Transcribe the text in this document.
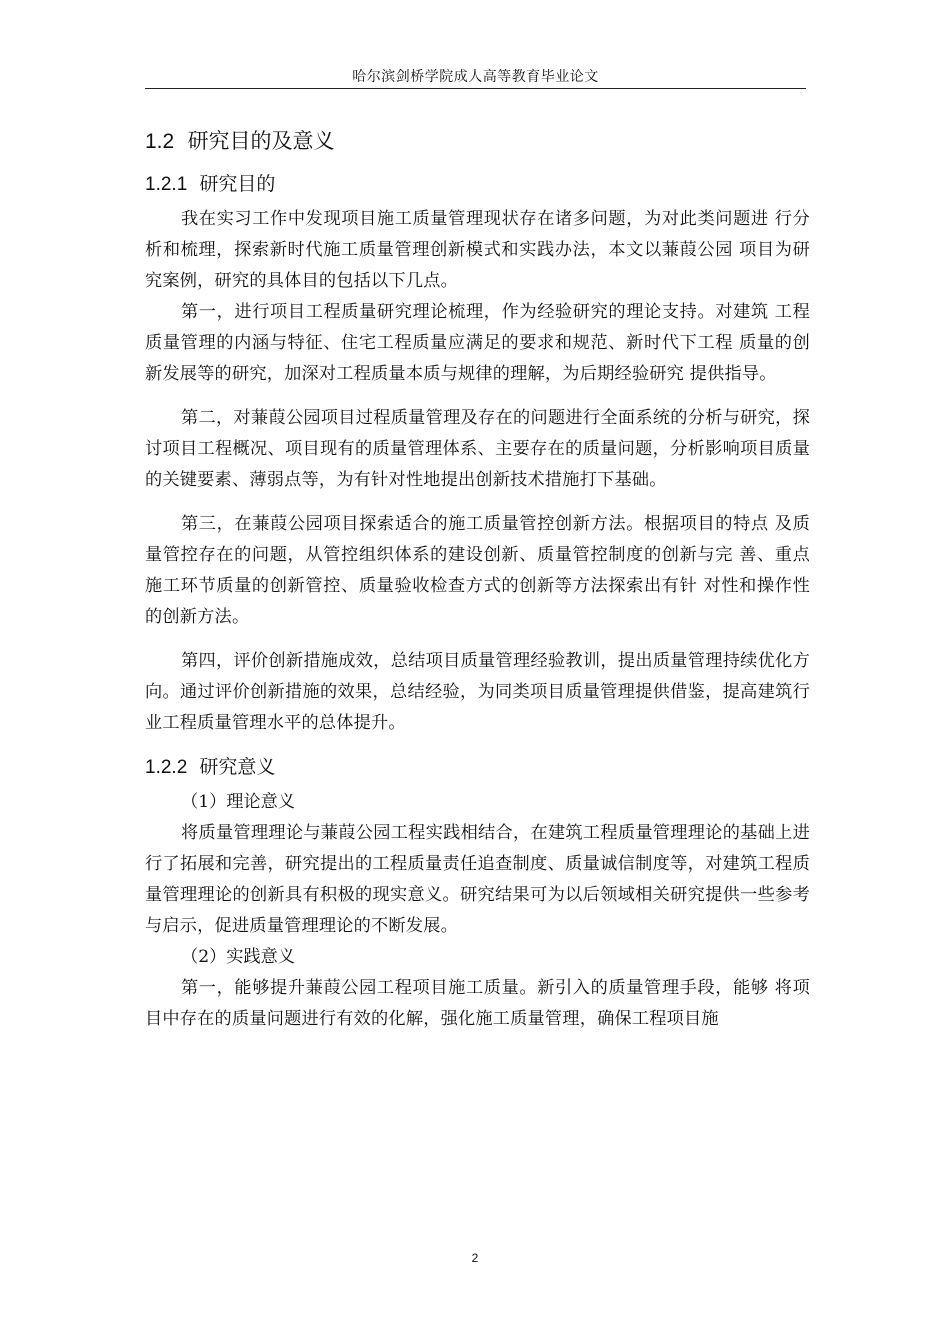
哈尔滨剑桥学院成人高等教育毕业论文
1.2 研究目的及意义
1.2.1 研究目的

我在实习工作中发现项目施工质量管理现状存在诸多问题，为对此类问题进 行分析和梳理，探索新时代施工质量管理创新模式和实践办法，本文以蒹葭公园 项目为研究案例，研究的具体目的包括以下几点。

第一，进行项目工程质量研究理论梳理，作为经验研究的理论支持。对建筑 工程质量管理的内涵与特征、住宅工程质量应满足的要求和规范、新时代下工程 质量的创新发展等的研究，加深对工程质量本质与规律的理解，为后期经验研究 提供指导。

第二，对蒹葭公园项目过程质量管理及存在的问题进行全面系统的分析与研究，探讨项目工程概况、项目现有的质量管理体系、主要存在的质量问题，分析影响项目质量的关键要素、薄弱点等，为有针对性地提出创新技术措施打下基础。

第三，在蒹葭公园项目探索适合的施工质量管控创新方法。根据项目的特点 及质量管控存在的问题，从管控组织体系的建设创新、质量管控制度的创新与完 善、重点施工环节质量的创新管控、质量验收检查方式的创新等方法探索出有针 对性和操作性的创新方法。

第四，评价创新措施成效，总结项目质量管理经验教训，提出质量管理持续优化方向。通过评价创新措施的效果，总结经验，为同类项目质量管理提供借鉴，提高建筑行业工程质量管理水平的总体提升。

1.2.2 研究意义

（1）理论意义

将质量管理理论与蒹葭公园工程实践相结合，在建筑工程质量管理理论的基础上进行了拓展和完善，研究提出的工程质量责任追查制度、质量诚信制度等，对建筑工程质量管理理论的创新具有积极的现实意义。研究结果可为以后领域相关研究提供一些参考与启示，促进质量管理理论的不断发展。

（2）实践意义

第一，能够提升蒹葭公园工程项目施工质量。新引入的质量管理手段，能够 将项目中存在的质量问题进行有效的化解，强化施工质量管理，确保工程项目施

2
